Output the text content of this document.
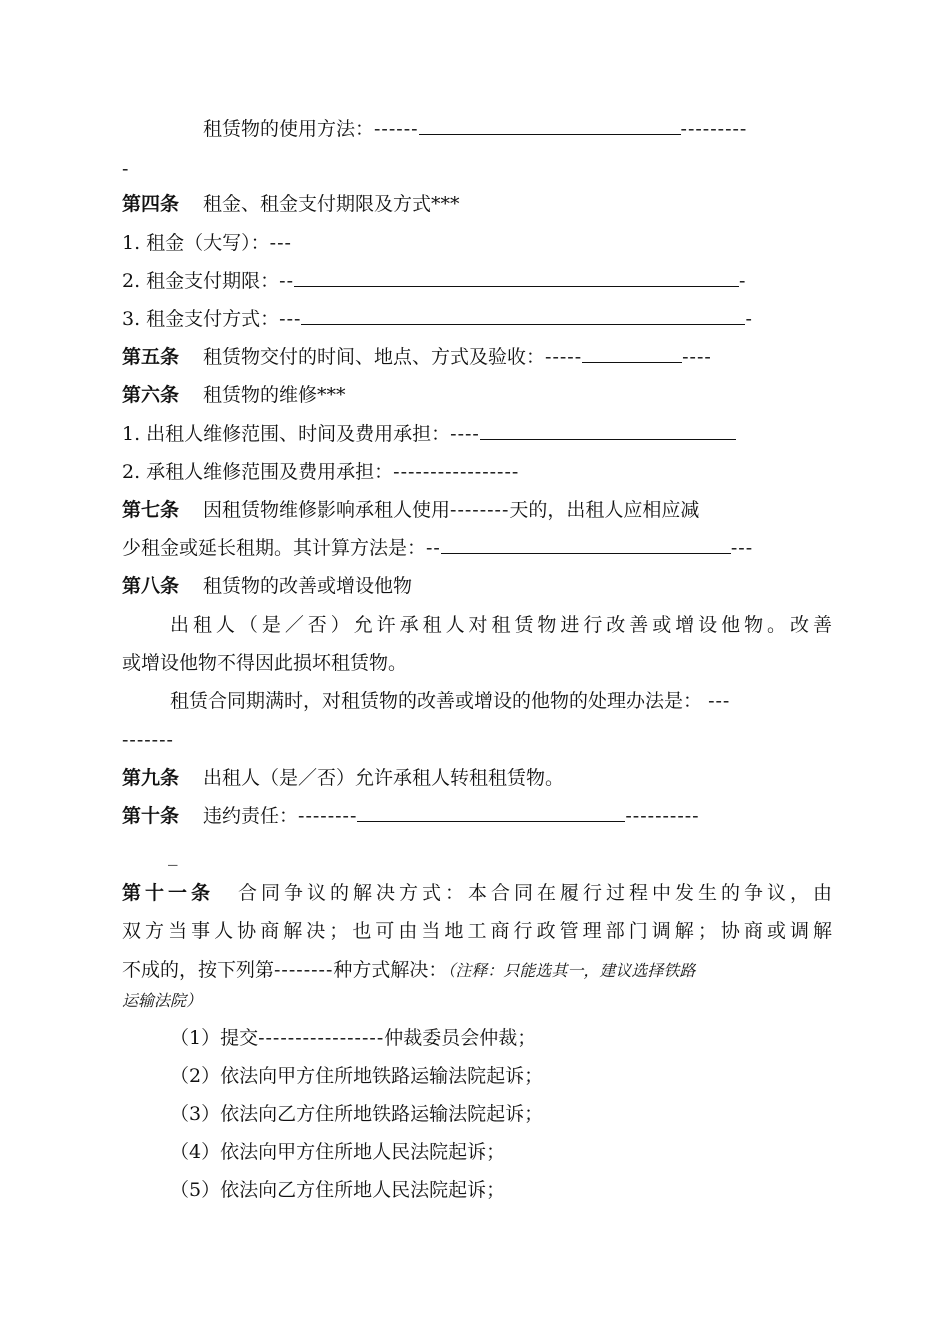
租赁物的使用方法：------	---------
-
第四条 租金、租金支付期限及方式***
1. 租金（大写）：---
2. 租金支付期限：--	-
3. 租金支付方式：---	-
第五条 租赁物交付的时间、地点、方式及验收：-----	----
第六条 租赁物的维修***
1. 出租人维修范围、时间及费用承担：----
2. 承租人维修范围及费用承担：-----------------
第七条 因租赁物维修影响承租人使用--------天的，出租人应相应减
少租金或延长租期。其计算方法是：--	---
第八条 租赁物的改善或增设他物
出租人（是／否）允许承租人对租赁物进行改善或增设他物。改善
或增设他物不得因此损坏租赁物。
租赁合同期满时，对租赁物的改善或增设的他物的处理办法是： ---
-------
第九条 出租人（是／否）允许承租人转租租赁物。
第十条 违约责任：--------	----------
_
第十一条 合同争议的解决方式：本合同在履行过程中发生的争议，由
双方当事人协商解决；也可由当地工商行政管理部门调解；协商或调解
不成的，按下列第--------种方式解决：（注释：只能选其一，建议选择铁路
运输法院）
（1）提交-----------------仲裁委员会仲裁；
（2）依法向甲方住所地铁路运输法院起诉；
（3）依法向乙方住所地铁路运输法院起诉；
（4）依法向甲方住所地人民法院起诉；
（5）依法向乙方住所地人民法院起诉；
